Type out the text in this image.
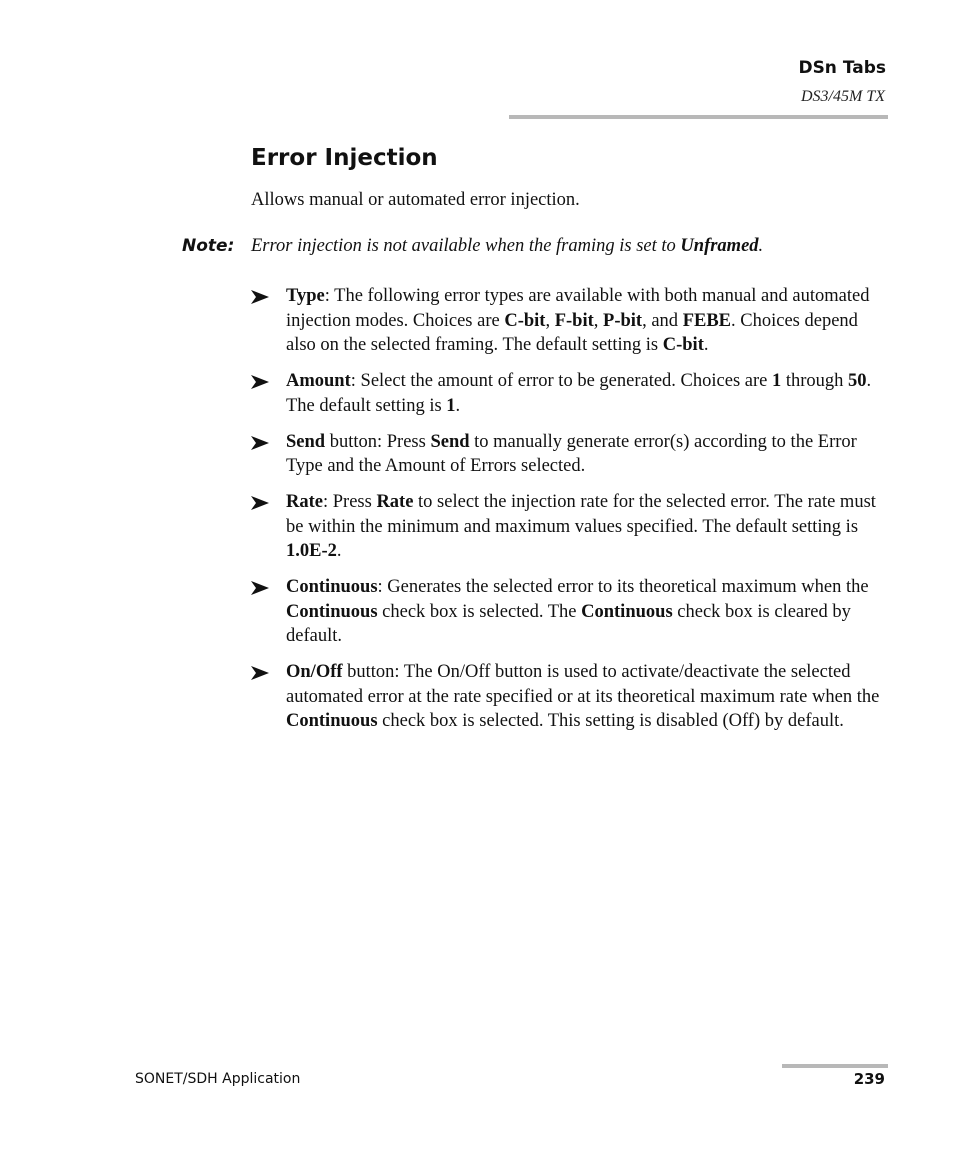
DSn Tabs
DS3/45M TX
Error Injection
Allows manual or automated error injection.
Note: Error injection is not available when the framing is set to Unframed.
Type: The following error types are available with both manual and automated injection modes. Choices are C-bit, F-bit, P-bit, and FEBE. Choices depend also on the selected framing. The default setting is C-bit.
Amount: Select the amount of error to be generated. Choices are 1 through 50. The default setting is 1.
Send button: Press Send to manually generate error(s) according to the Error Type and the Amount of Errors selected.
Rate: Press Rate to select the injection rate for the selected error. The rate must be within the minimum and maximum values specified. The default setting is 1.0E-2.
Continuous: Generates the selected error to its theoretical maximum when the Continuous check box is selected. The Continuous check box is cleared by default.
On/Off button: The On/Off button is used to activate/deactivate the selected automated error at the rate specified or at its theoretical maximum rate when the Continuous check box is selected. This setting is disabled (Off) by default.
SONET/SDH Application	239
